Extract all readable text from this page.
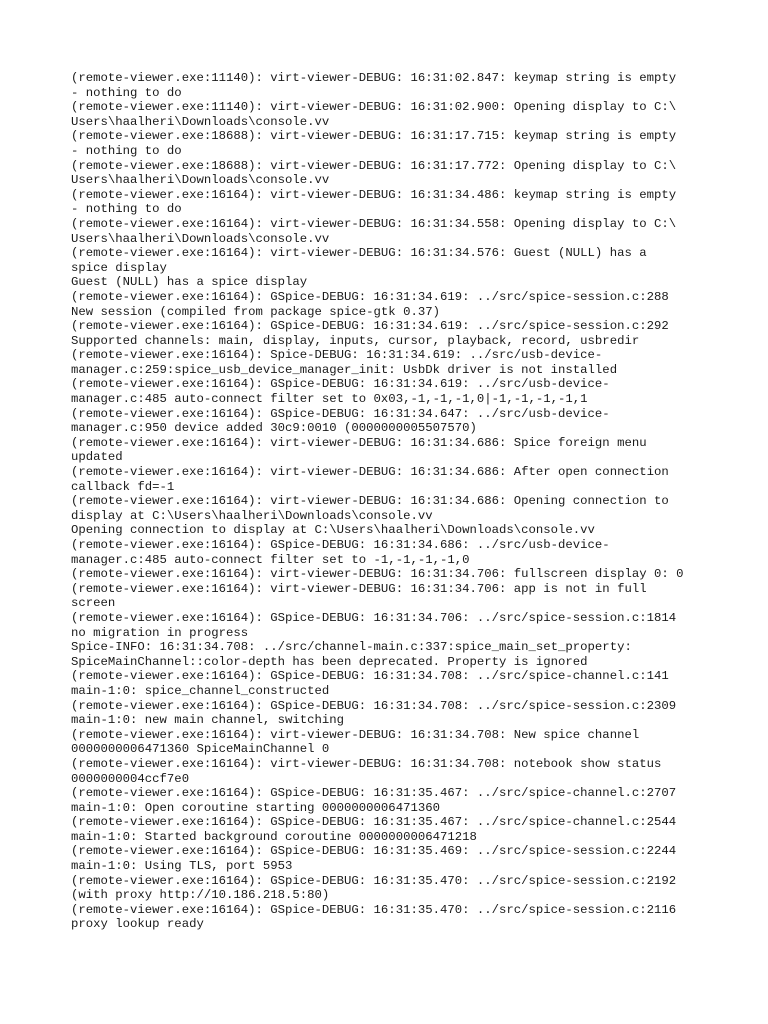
(remote-viewer.exe:11140): virt-viewer-DEBUG: 16:31:02.847: keymap string is empty
- nothing to do
(remote-viewer.exe:11140): virt-viewer-DEBUG: 16:31:02.900: Opening display to C:\
Users\haalheri\Downloads\console.vv
(remote-viewer.exe:18688): virt-viewer-DEBUG: 16:31:17.715: keymap string is empty
- nothing to do
(remote-viewer.exe:18688): virt-viewer-DEBUG: 16:31:17.772: Opening display to C:\
Users\haalheri\Downloads\console.vv
(remote-viewer.exe:16164): virt-viewer-DEBUG: 16:31:34.486: keymap string is empty
- nothing to do
(remote-viewer.exe:16164): virt-viewer-DEBUG: 16:31:34.558: Opening display to C:\
Users\haalheri\Downloads\console.vv
(remote-viewer.exe:16164): virt-viewer-DEBUG: 16:31:34.576: Guest (NULL) has a
spice display
Guest (NULL) has a spice display
(remote-viewer.exe:16164): GSpice-DEBUG: 16:31:34.619: ../src/spice-session.c:288
New session (compiled from package spice-gtk 0.37)
(remote-viewer.exe:16164): GSpice-DEBUG: 16:31:34.619: ../src/spice-session.c:292
Supported channels: main, display, inputs, cursor, playback, record, usbredir
(remote-viewer.exe:16164): Spice-DEBUG: 16:31:34.619: ../src/usb-device-
manager.c:259:spice_usb_device_manager_init: UsbDk driver is not installed
(remote-viewer.exe:16164): GSpice-DEBUG: 16:31:34.619: ../src/usb-device-
manager.c:485 auto-connect filter set to 0x03,-1,-1,-1,0|-1,-1,-1,-1,1
(remote-viewer.exe:16164): GSpice-DEBUG: 16:31:34.647: ../src/usb-device-
manager.c:950 device added 30c9:0010 (0000000005507570)
(remote-viewer.exe:16164): virt-viewer-DEBUG: 16:31:34.686: Spice foreign menu
updated
(remote-viewer.exe:16164): virt-viewer-DEBUG: 16:31:34.686: After open connection
callback fd=-1
(remote-viewer.exe:16164): virt-viewer-DEBUG: 16:31:34.686: Opening connection to
display at C:\Users\haalheri\Downloads\console.vv
Opening connection to display at C:\Users\haalheri\Downloads\console.vv
(remote-viewer.exe:16164): GSpice-DEBUG: 16:31:34.686: ../src/usb-device-
manager.c:485 auto-connect filter set to -1,-1,-1,-1,0
(remote-viewer.exe:16164): virt-viewer-DEBUG: 16:31:34.706: fullscreen display 0: 0
(remote-viewer.exe:16164): virt-viewer-DEBUG: 16:31:34.706: app is not in full
screen
(remote-viewer.exe:16164): GSpice-DEBUG: 16:31:34.706: ../src/spice-session.c:1814
no migration in progress
Spice-INFO: 16:31:34.708: ../src/channel-main.c:337:spice_main_set_property:
SpiceMainChannel::color-depth has been deprecated. Property is ignored
(remote-viewer.exe:16164): GSpice-DEBUG: 16:31:34.708: ../src/spice-channel.c:141
main-1:0: spice_channel_constructed
(remote-viewer.exe:16164): GSpice-DEBUG: 16:31:34.708: ../src/spice-session.c:2309
main-1:0: new main channel, switching
(remote-viewer.exe:16164): virt-viewer-DEBUG: 16:31:34.708: New spice channel
0000000006471360 SpiceMainChannel 0
(remote-viewer.exe:16164): virt-viewer-DEBUG: 16:31:34.708: notebook show status
0000000004ccf7e0
(remote-viewer.exe:16164): GSpice-DEBUG: 16:31:35.467: ../src/spice-channel.c:2707
main-1:0: Open coroutine starting 0000000006471360
(remote-viewer.exe:16164): GSpice-DEBUG: 16:31:35.467: ../src/spice-channel.c:2544
main-1:0: Started background coroutine 0000000006471218
(remote-viewer.exe:16164): GSpice-DEBUG: 16:31:35.469: ../src/spice-session.c:2244
main-1:0: Using TLS, port 5953
(remote-viewer.exe:16164): GSpice-DEBUG: 16:31:35.470: ../src/spice-session.c:2192
(with proxy http://10.186.218.5:80)
(remote-viewer.exe:16164): GSpice-DEBUG: 16:31:35.470: ../src/spice-session.c:2116
proxy lookup ready
